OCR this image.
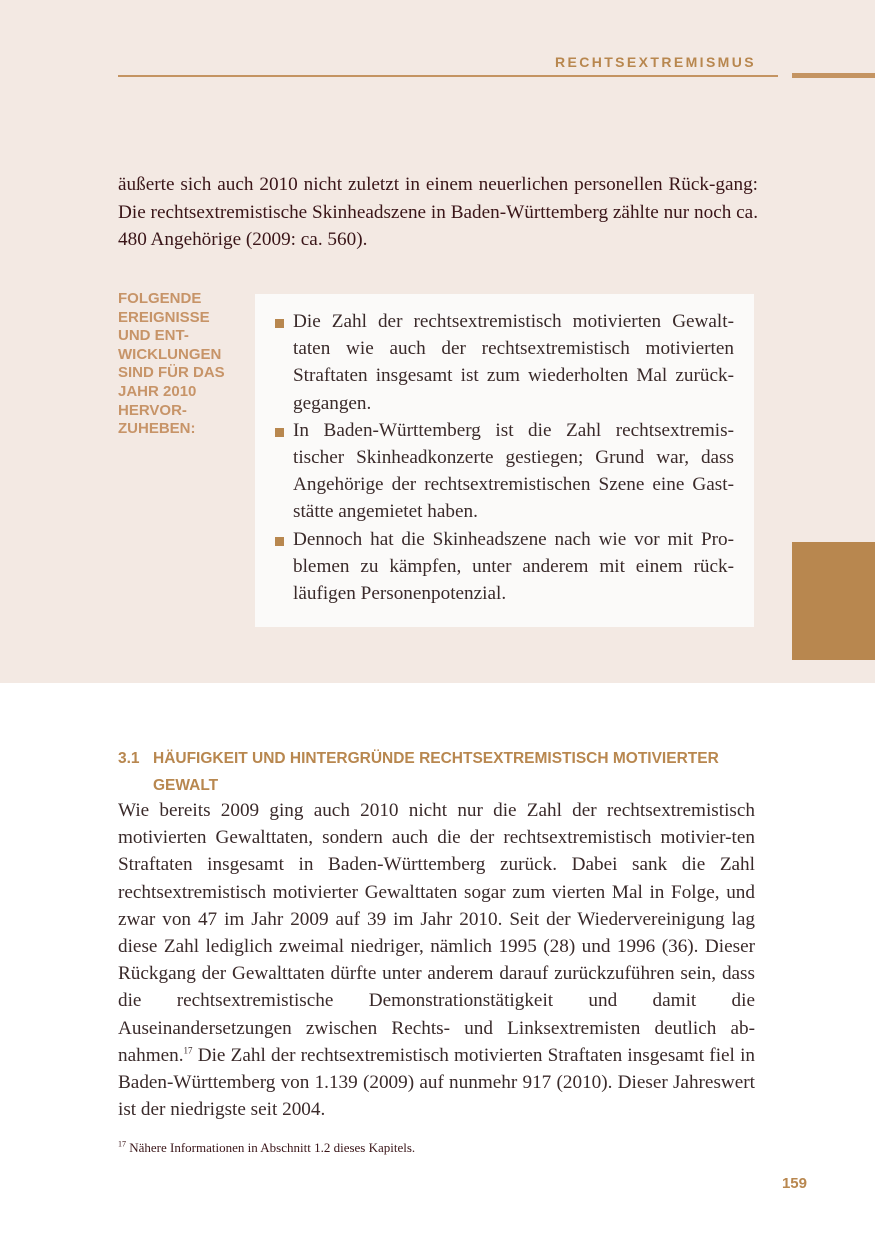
RECHTSEXTREMISMUS

äußerte sich auch 2010 nicht zuletzt in einem neuerlichen personellen Rück-gang: Die rechtsextremistische Skinheadszene in Baden-Württemberg zählte nur noch ca. 480 Angehörige (2009: ca. 560).

FOLGENDE
EREIGNISSE
UND ENT-
WICKLUNGEN
SIND FÜR DAS
JAHR 2010
HERVOR-
ZUHEBEN:
Die Zahl der rechtsextremistisch motivierten Gewalt-taten wie auch der rechtsextremistisch motivierten Straftaten insgesamt ist zum wiederholten Mal zurück-gegangen.
In Baden-Württemberg ist die Zahl rechtsextremis-tischer Skinheadkonzerte gestiegen; Grund war, dass Angehörige der rechtsextremistischen Szene eine Gast-stätte angemietet haben.
Dennoch hat die Skinheadszene nach wie vor mit Pro-blemen zu kämpfen, unter anderem mit einem rück-läufigen Personenpotenzial.
3.1 HÄUFIGKEIT UND HINTERGRÜNDE RECHTSEXTREMISTISCH MOTIVIERTER GEWALT

Wie bereits 2009 ging auch 2010 nicht nur die Zahl der rechtsextremistisch motivierten Gewalttaten, sondern auch die der rechtsextremistisch motivier-ten Straftaten insgesamt in Baden-Württemberg zurück. Dabei sank die Zahl rechtsextremistisch motivierter Gewalttaten sogar zum vierten Mal in Folge, und zwar von 47 im Jahr 2009 auf 39 im Jahr 2010. Seit der Wiedervereinigung lag diese Zahl lediglich zweimal niedriger, nämlich 1995 (28) und 1996 (36). Dieser Rückgang der Gewalttaten dürfte unter anderem darauf zurückzuführen sein, dass die rechtsextremistische Demonstrationstätigkeit und damit die Auseinandersetzungen zwischen Rechts- und Linksextremisten deutlich ab-nahmen.$^{17}$ Die Zahl der rechtsextremistisch motivierten Straftaten insgesamt fiel in Baden-Württemberg von 1.139 (2009) auf nunmehr 917 (2010). Dieser Jahreswert ist der niedrigste seit 2004.

$^{17}$ Nähere Informationen in Abschnitt 1.2 dieses Kapitels.

159
